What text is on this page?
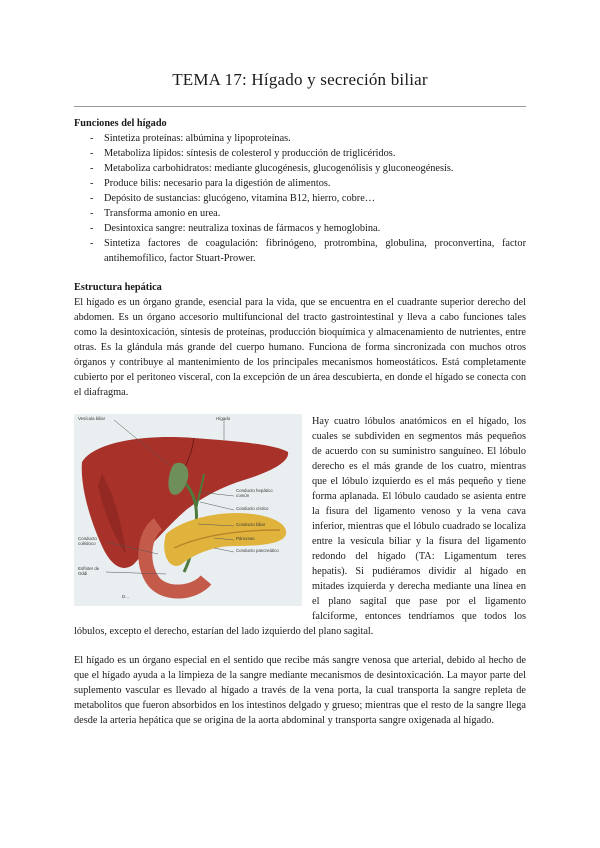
TEMA 17: Hígado y secreción biliar
Funciones del hígado
- Sintetiza proteínas: albúmina y lipoproteínas.
- Metaboliza lípidos: síntesis de colesterol y producción de triglicéridos.
- Metaboliza carbohidratos: mediante glucogénesis, glucogenólisis y gluconeogénesis.
- Produce bilis: necesario para la digestión de alimentos.
- Depósito de sustancias: glucógeno, vitamina B12, hierro, cobre…
- Transforma amonio en urea.
- Desintoxica sangre: neutraliza toxinas de fármacos y hemoglobina.
- Sintetiza factores de coagulación: fibrinógeno, protrombina, globulina, proconvertina, factor antihemofílico, factor Stuart-Prower.
Estructura hepática

El hígado es un órgano grande, esencial para la vida, que se encuentra en el cuadrante superior derecho del abdomen. Es un órgano accesorio multifuncional del tracto gastrointestinal y lleva a cabo funciones tales como la desintoxicación, síntesis de proteínas, producción bioquímica y almacenamiento de nutrientes, entre otras. Es la glándula más grande del cuerpo humano. Funciona de forma sincronizada con muchos otros órganos y contribuye al mantenimiento de los principales mecanismos homeostáticos. Está completamente cubierto por el peritoneo visceral, con la excepción de un área descubierta, en donde el hígado se conecta con el diafragma.

Vesícula biliar	Hígado
Conducto hepático común
Conducto cístico
Conducto biliar
Páncreas
Conducto pancreático
Conducto colédoco
Esfínter de Oddi
D...

Hay cuatro lóbulos anatómicos en el hígado, los cuales se subdividen en segmentos más pequeños de acuerdo con su suministro sanguíneo. El lóbulo derecho es el más grande de los cuatro, mientras que el lóbulo izquierdo es el más pequeño y tiene forma aplanada. El lóbulo caudado se asienta entre la fisura del ligamento venoso y la vena cava inferior, mientras que el lóbulo cuadrado se localiza entre la vesícula biliar y la fisura del ligamento redondo del hígado (TA: Ligamentum teres hepatis). Si pudiéramos dividir al hígado en mitades izquierda y derecha mediante una línea en el plano sagital que pase por el ligamento falciforme, entonces tendríamos que todos los lóbulos, excepto el derecho, estarían del lado izquierdo del plano sagital.

El hígado es un órgano especial en el sentido que recibe más sangre venosa que arterial, debido al hecho de que el hígado ayuda a la limpieza de la sangre mediante mecanismos de desintoxicación. La mayor parte del suplemento vascular es llevado al hígado a través de la vena porta, la cual transporta la sangre repleta de metabolitos que fueron absorbidos en los intestinos delgado y grueso; mientras que el resto de la sangre llega desde la arteria hepática que se origina de la aorta abdominal y transporta sangre oxigenada al hígado.
